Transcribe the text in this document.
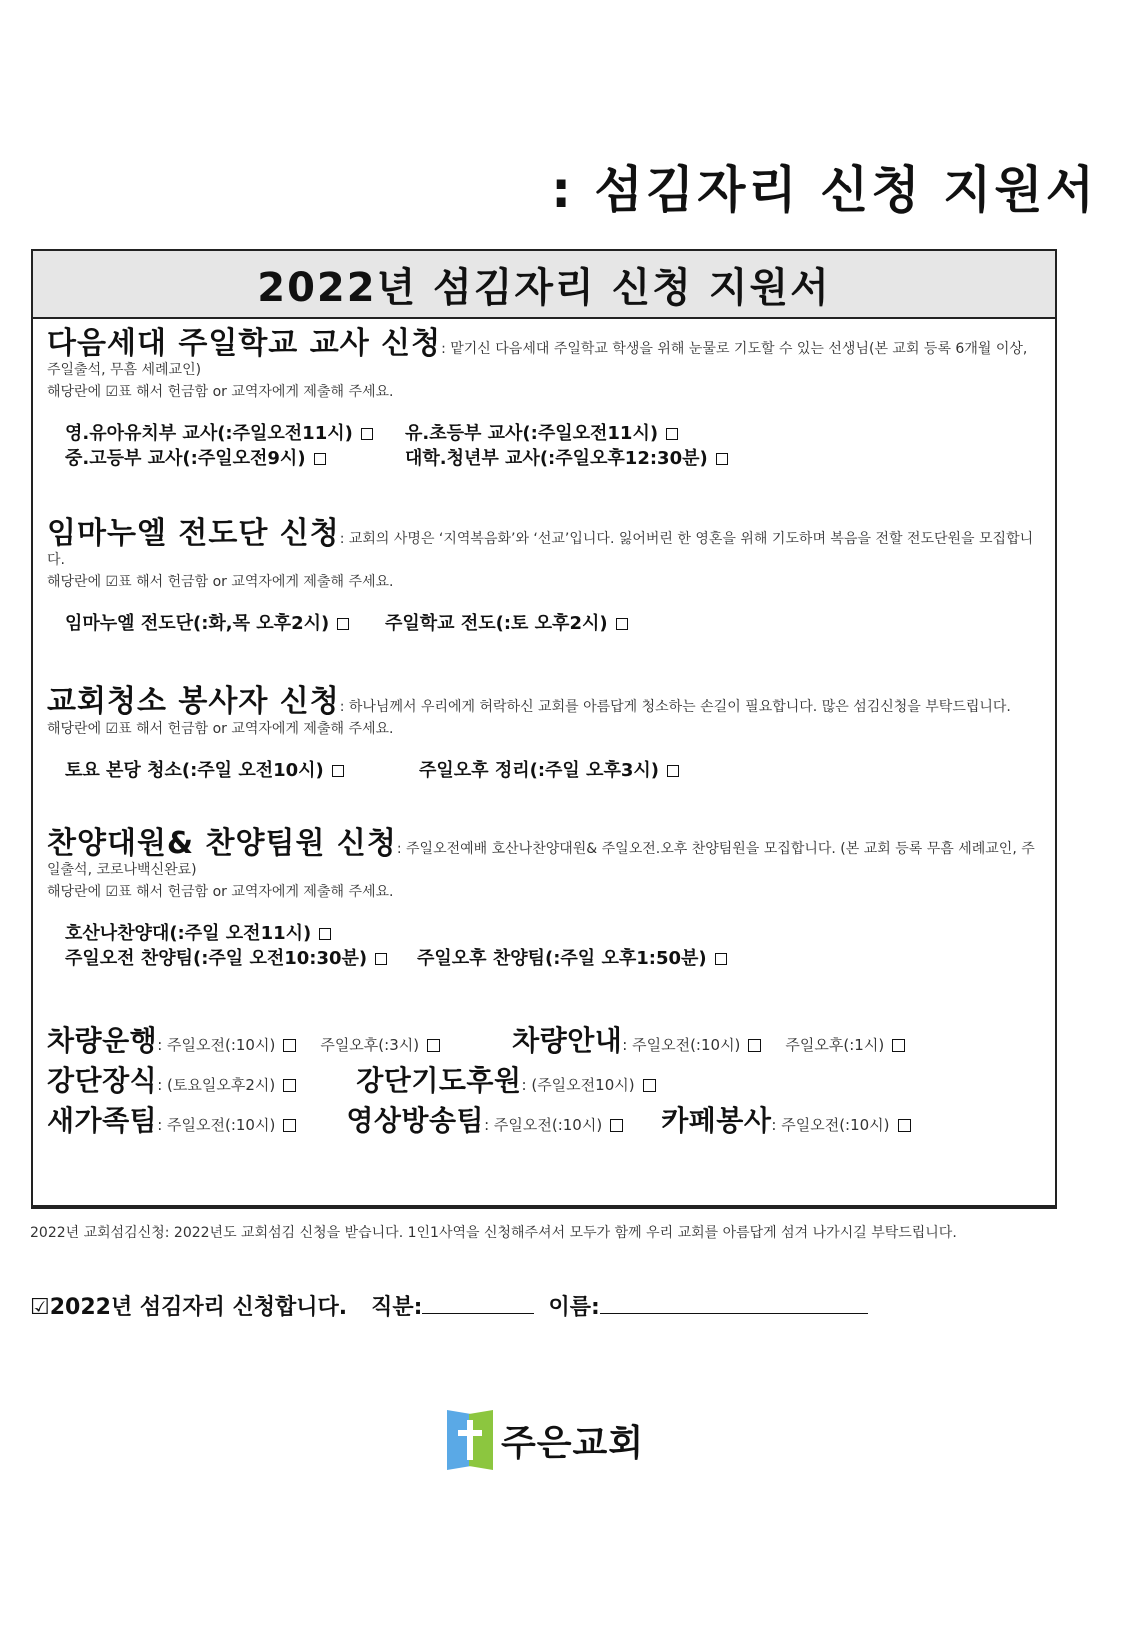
: 섬김자리 신청 지원서
2022년 섬김자리 신청 지원서
다음세대 주일학교 교사 신청: 맡기신 다음세대 주일학교 학생을 위해 눈물로 기도할 수 있는 선생님(본 교회 등록 6개월 이상, 주일출석, 무흠 세례교인)
해당란에 ☑표 해서 헌금함 or 교역자에게 제출해 주세요.
영.유아유치부 교사(:주일오전11시)	유.초등부 교사(:주일오전11시)
중.고등부 교사(:주일오전9시)	대학.청년부 교사(:주일오후12:30분)
임마누엘 전도단 신청: 교회의 사명은 ‘지역복음화’와 ‘선교’입니다. 잃어버린 한 영혼을 위해 기도하며 복음을 전할 전도단원을 모집합니다.
해당란에 ☑표 해서 헌금함 or 교역자에게 제출해 주세요.
임마누엘 전도단(:화,목 오후2시)	주일학교 전도(:토 오후2시)
교회청소 봉사자 신청: 하나님께서 우리에게 허락하신 교회를 아름답게 청소하는 손길이 필요합니다. 많은 섬김신청을 부탁드립니다.
해당란에 ☑표 해서 헌금함 or 교역자에게 제출해 주세요.
토요 본당 청소(:주일 오전10시)	주일오후 정리(:주일 오후3시)
찬양대원& 찬양팀원 신청: 주일오전예배 호산나찬양대원& 주일오전.오후 찬양팀원을 모집합니다. (본 교회 등록 무흠 세례교인, 주일출석, 코로나백신완료)
해당란에 ☑표 해서 헌금함 or 교역자에게 제출해 주세요.
호산나찬양대(:주일 오전11시)
주일오전 찬양팀(:주일 오전10:30분)	주일오후 찬양팀(:주일 오후1:50분)
차량운행 : 주일오전(:10시)	주일오후(:3시)	차량안내 : 주일오전(:10시)	주일오후(:1시)
강단장식 : (토요일오후2시)	강단기도후원 : (주일오전10시)
새가족팀 : 주일오전(:10시)	영상방송팀 : 주일오전(:10시) 카페봉사 : 주일오전(:10시)
2022년 교회섬김신청: 2022년도 교회섬김 신청을 받습니다. 1인1사역을 신청해주셔서 모두가 함께 우리 교회를 아름답게 섬겨 나가시길 부탁드립니다.
☑2022년 섬김자리 신청합니다. 직분:	이름:
주은교회
